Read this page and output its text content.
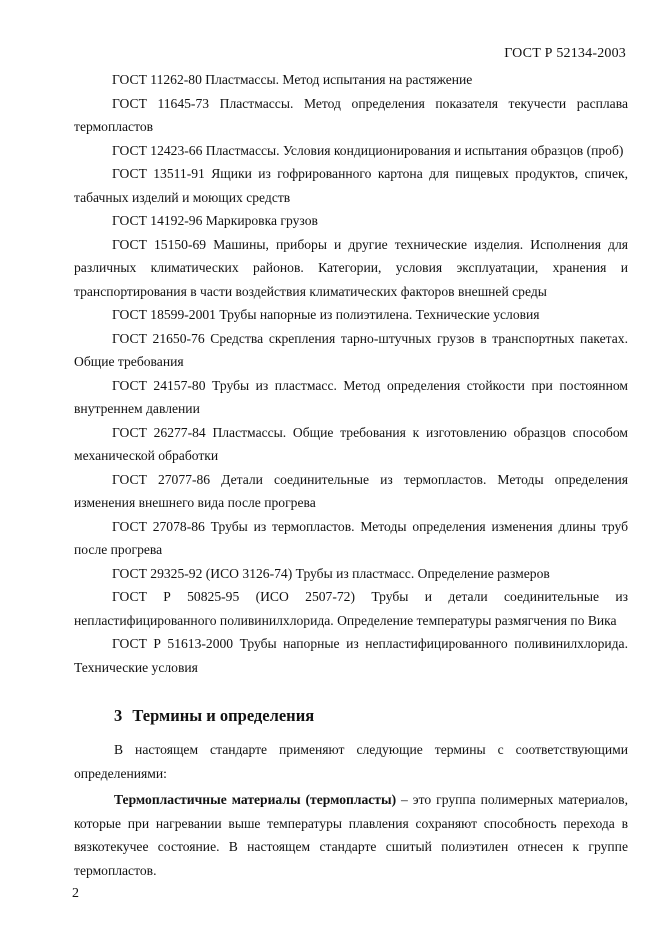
ГОСТ Р 52134-2003

ГОСТ 11262-80 Пластмассы. Метод испытания на растяжение

ГОСТ 11645-73 Пластмассы. Метод определения показателя текучести расплава термопластов

ГОСТ 12423-66 Пластмассы. Условия кондиционирования и испытания образцов (проб)

ГОСТ 13511-91 Ящики из гофрированного картона для пищевых продуктов, спичек, табачных изделий и моющих средств

ГОСТ 14192-96 Маркировка грузов

ГОСТ 15150-69 Машины, приборы и другие технические изделия. Исполнения для различных климатических районов. Категории, условия эксплуатации, хранения и транспортирования в части воздействия климатических факторов внешней среды

ГОСТ 18599-2001 Трубы напорные из полиэтилена. Технические условия

ГОСТ 21650-76 Средства скрепления тарно-штучных грузов в транспортных пакетах. Общие требования

ГОСТ 24157-80 Трубы из пластмасс. Метод определения стойкости при постоянном внутреннем давлении

ГОСТ 26277-84 Пластмассы. Общие требования к изготовлению образцов способом механической обработки

ГОСТ 27077-86 Детали соединительные из термопластов. Методы определения изменения внешнего вида после прогрева

ГОСТ 27078-86 Трубы из термопластов. Методы определения изменения длины труб после прогрева

ГОСТ 29325-92 (ИСО 3126-74) Трубы из пластмасс. Определение размеров

ГОСТ Р 50825-95 (ИСО 2507-72) Трубы и детали соединительные из непластифицированного поливинилхлорида. Определение температуры размягчения по Вика

ГОСТ Р 51613-2000 Трубы напорные из непластифицированного поливинилхлорида. Технические условия

3 Термины и определения

В настоящем стандарте применяют следующие термины с соответствующими определениями:

Термопластичные материалы (термопласты) – это группа полимерных материалов, которые при нагревании выше температуры плавления сохраняют способность перехода в вязкотекучее состояние. В настоящем стандарте сшитый полиэтилен отнесен к группе термопластов.

2
